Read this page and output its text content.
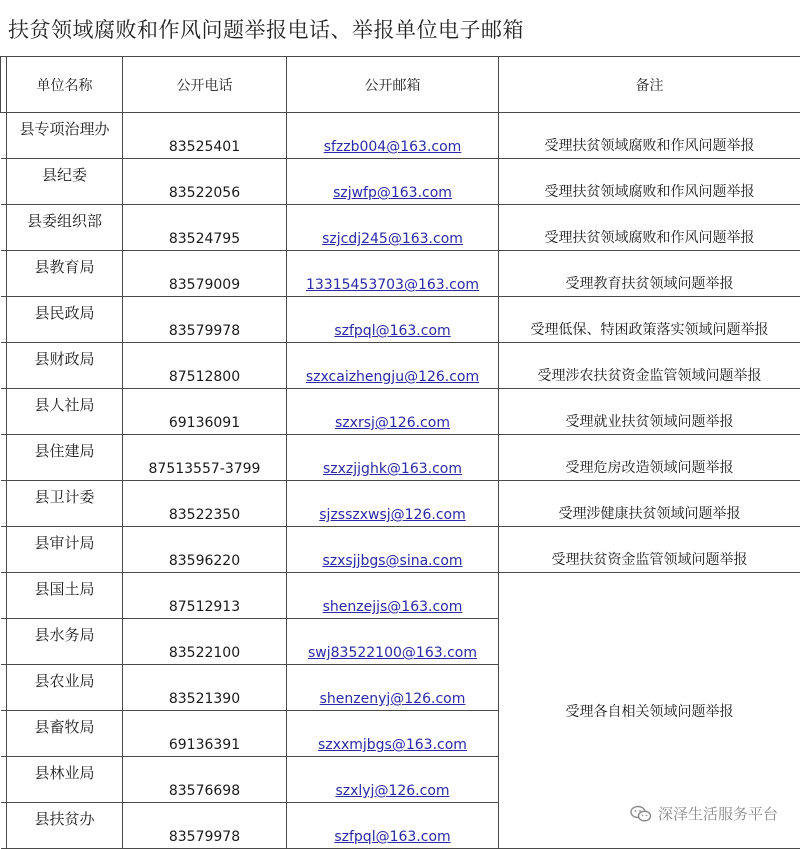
扶贫领域腐败和作风问题举报电话、举报单位电子邮箱
	单位名称	公开电话	公开邮箱	备注

	县专项治理办	83525401	sfzzb004@163.com	受理扶贫领域腐败和作风问题举报

	县纪委	83522056	szjwfp@163.com	受理扶贫领域腐败和作风问题举报

	县委组织部	83524795	szjcdj245@163.com	受理扶贫领域腐败和作风问题举报

	县教育局	83579009	13315453703@163.com	受理教育扶贫领域问题举报

	县民政局	83579978	szfpql@163.com	受理低保、特困政策落实领域问题举报

	县财政局	87512800	szxcaizhengju@126.com	受理涉农扶贫资金监管领域问题举报

	县人社局	69136091	szxrsj@126.com	受理就业扶贫领域问题举报

	县住建局	87513557-3799	szxzjjghk@163.com	受理危房改造领域问题举报

	县卫计委	83522350	sjzsszxwsj@126.com	受理涉健康扶贫领域问题举报

	县审计局	83596220	szxsjjbgs@sina.com	受理扶贫资金监管领域问题举报

	县国土局	87512913	shenzejjs@163.com	受理各自相关领域问题举报

	县水务局	83522100	swj83522100@163.com	

	县农业局	83521390	shenzenyj@126.com	

	县畜牧局	69136391	szxxmjbgs@163.com	

	县林业局	83576698	szxlyj@126.com	

	县扶贫办	83579978	szfpql@163.com	
深泽生活服务平台
